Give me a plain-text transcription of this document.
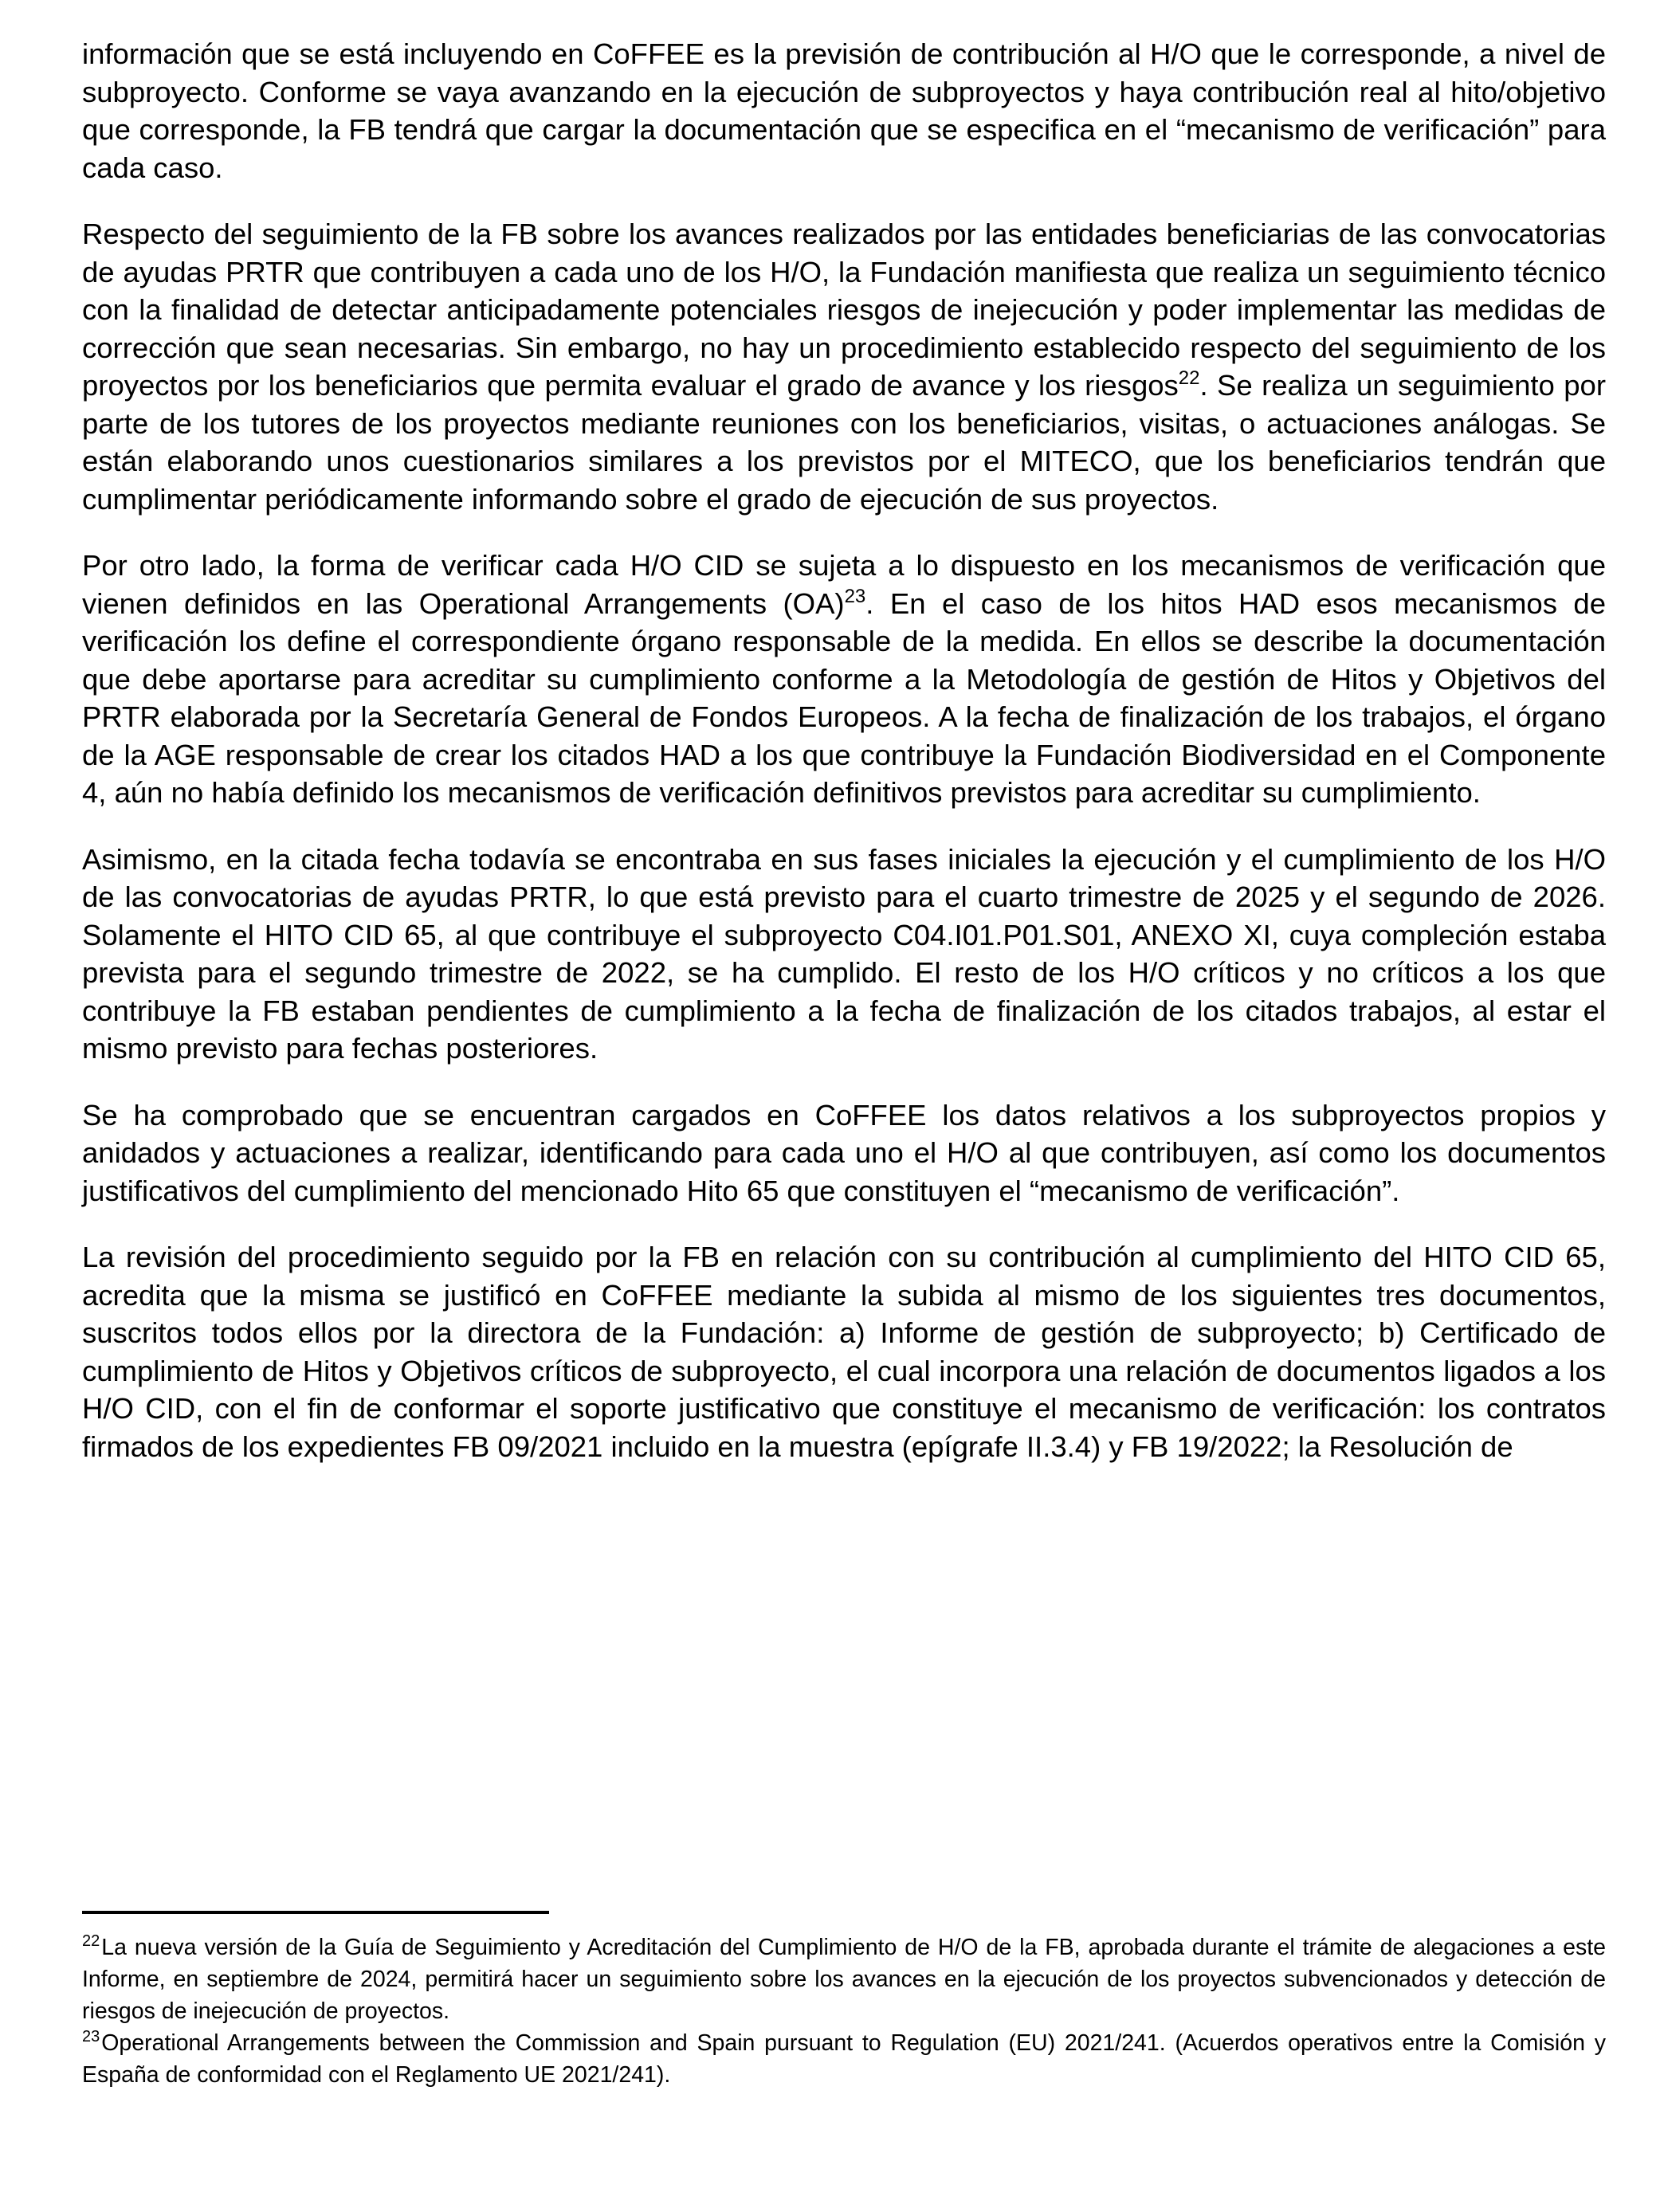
información que se está incluyendo en CoFFEE es la previsión de contribución al H/O que le corresponde, a nivel de subproyecto. Conforme se vaya avanzando en la ejecución de subproyectos y haya contribución real al hito/objetivo que corresponde, la FB tendrá que cargar la documentación que se especifica en el “mecanismo de verificación” para cada caso.

Respecto del seguimiento de la FB sobre los avances realizados por las entidades beneficiarias de las convocatorias de ayudas PRTR que contribuyen a cada uno de los H/O, la Fundación manifiesta que realiza un seguimiento técnico con la finalidad de detectar anticipadamente potenciales riesgos de inejecución y poder implementar las medidas de corrección que sean necesarias. Sin embargo, no hay un procedimiento establecido respecto del seguimiento de los proyectos por los beneficiarios que permita evaluar el grado de avance y los riesgos$^{22}$. Se realiza un seguimiento por parte de los tutores de los proyectos mediante reuniones con los beneficiarios, visitas, o actuaciones análogas. Se están elaborando unos cuestionarios similares a los previstos por el MITECO, que los beneficiarios tendrán que cumplimentar periódicamente informando sobre el grado de ejecución de sus proyectos.

Por otro lado, la forma de verificar cada H/O CID se sujeta a lo dispuesto en los mecanismos de verificación que vienen definidos en las Operational Arrangements (OA)$^{23}$. En el caso de los hitos HAD esos mecanismos de verificación los define el correspondiente órgano responsable de la medida. En ellos se describe la documentación que debe aportarse para acreditar su cumplimiento conforme a la Metodología de gestión de Hitos y Objetivos del PRTR elaborada por la Secretaría General de Fondos Europeos. A la fecha de finalización de los trabajos, el órgano de la AGE responsable de crear los citados HAD a los que contribuye la Fundación Biodiversidad en el Componente 4, aún no había definido los mecanismos de verificación definitivos previstos para acreditar su cumplimiento.

Asimismo, en la citada fecha todavía se encontraba en sus fases iniciales la ejecución y el cumplimiento de los H/O de las convocatorias de ayudas PRTR, lo que está previsto para el cuarto trimestre de 2025 y el segundo de 2026. Solamente el HITO CID 65, al que contribuye el subproyecto C04.I01.P01.S01, ANEXO XI, cuya compleción estaba prevista para el segundo trimestre de 2022, se ha cumplido. El resto de los H/O críticos y no críticos a los que contribuye la FB estaban pendientes de cumplimiento a la fecha de finalización de los citados trabajos, al estar el mismo previsto para fechas posteriores.

Se ha comprobado que se encuentran cargados en CoFFEE los datos relativos a los subproyectos propios y anidados y actuaciones a realizar, identificando para cada uno el H/O al que contribuyen, así como los documentos justificativos del cumplimiento del mencionado Hito 65 que constituyen el “mecanismo de verificación”.

La revisión del procedimiento seguido por la FB en relación con su contribución al cumplimiento del HITO CID 65, acredita que la misma se justificó en CoFFEE mediante la subida al mismo de los siguientes tres documentos, suscritos todos ellos por la directora de la Fundación: a) Informe de gestión de subproyecto; b) Certificado de cumplimiento de Hitos y Objetivos críticos de subproyecto, el cual incorpora una relación de documentos ligados a los H/O CID, con el fin de conformar el soporte justificativo que constituye el mecanismo de verificación: los contratos firmados de los expedientes FB 09/2021 incluido en la muestra (epígrafe II.3.4) y FB 19/2022; la Resolución de

$^{22}$La nueva versión de la Guía de Seguimiento y Acreditación del Cumplimiento de H/O de la FB, aprobada durante el trámite de alegaciones a este Informe, en septiembre de 2024, permitirá hacer un seguimiento sobre los avances en la ejecución de los proyectos subvencionados y detección de riesgos de inejecución de proyectos.

$^{23}$Operational Arrangements between the Commission and Spain pursuant to Regulation (EU) 2021/241. (Acuerdos operativos entre la Comisión y España de conformidad con el Reglamento UE 2021/241).
